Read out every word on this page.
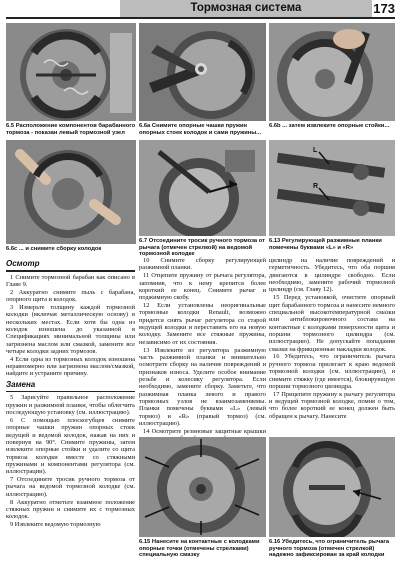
Тормозная система	173
6.5 Расположение компонентов барабанного тормоза - показан левый тормозной узел
6.6a Снимите опорные чашки пружин опорных стоек колодок и сами пружины...
6.6b ... затем извлеките опорные стойки...
6.6c ... и снимите сборку колодок
6.7 Отсоедините тросик ручного тормоза от рычага (отмечен стрелкой) на ведомой тормозной колодке
L
R
6.13 Регулирующей разжимные планки помечены буквами «L» и «R»
Осмотр

1 Снимите тормозной барабан как описано в Главе 9.

2 Аккуратно снимите пыль с барабана, опорного щита и колодок.

3 Измерьте толщину каждой тормозной колодки (включая металлическую основу) в нескольких местах. Если хотя бы одна из колодок изношена до указанной в Спецификациях минимальной толщины или загрязнена маслом или смазкой, замените все четыре колодки задних тормозов.

4 Если одна из тормозных колодок изношена неравномерно или загрязнена маслом/смазкой, найдите и устраните причину.

Замена

5 Зарисуйте правильное расположение пружин и разжимной планки, чтобы облегчить последующую установку (см. иллюстрацию).

6 С помощью плоскогубцев снимите опорные чашки пружин опорных стоек ведущей и ведомой колодок, нажав на них и повернув на 90°. Снимите пружины, затем извлеките опорные стойки и удалите со щита тормоза колодки вместе со стяжными пружинами и компонентами регулятора (см. иллюстрации).

7 Отсоедините тросик ручного тормоза от рычага на ведомой тормозной колодке (см. иллюстрацию).

8 Аккуратно отметьте взаимное положение стяжных пружин и снимите их с тормозных колодок.

9 Извлеките ведомую тормозную

10 Снимите сборку регулирующей разжимной планки.

11 Отцепите пружину от рычага регулятора, запомнив, что к нему крепится более короткий ее конец. Снимите рычаг и поджимную скобу.

12 Если установлены неоригинальные тормозные колодки Renault, возможно придется снять рычаг регулятора со старой ведущей колодки и переставить его на новую колодку. Замените все стяжные пружины, независимо от их состояния.

13 Извлеките из регулятора разжимную часть разжимной планки и внимательно осмотрите сборку на наличие повреждений и признаков износа. Уделите особое внимание резьбе и колесику регулятора. Если необходимо, замените сборку. Заметьте, что разжимная планка левого и правого тормозных узлов не взаимозаменяемы. Планки помечены буквами «L» (левый тормоз) и «R» (правый тормоз) (см. иллюстрацию).

14 Осмотрите резиновые защитные крышки

цилиндр на наличие повреждений и герметичность. Убедитесь, что оба поршня двигаются в цилиндре свободно. Если необходимо, замените рабочий тормозной цилиндр (см. Главу 12).

15 Перед установкой, очистите опорный щит барабанного тормоза и нанесите немного специальной высокотемпературной смазки или антиблокировочного состава на контактные с колодками поверхности щита и поршни тормозного цилиндра (см. иллюстрацию). Не допускайте попадания смазки на фрикционные накладки колодок.

16 Убедитесь, что ограничитель рычага ручного тормоза прилегает к краю ведомой тормозной колодки (см. иллюстрацию), и снимите стяжку (где имеется), блокирующую поршни тормозного цилиндра.

17 Прицепите пружину к рычагу регулятора и ведущей тормозной колодке, помня о том, что более короткий ее конец должен быть обращен к рычагу. Нанесите

6.15 Нанесите на контактные с колодками опорные точки (отмечены стрелками) специальную смазку
6.16 Убедитесь, что ограничитель рычага ручного тормоза (отмечен стрелкой) надежно зафиксирован за край колодки
